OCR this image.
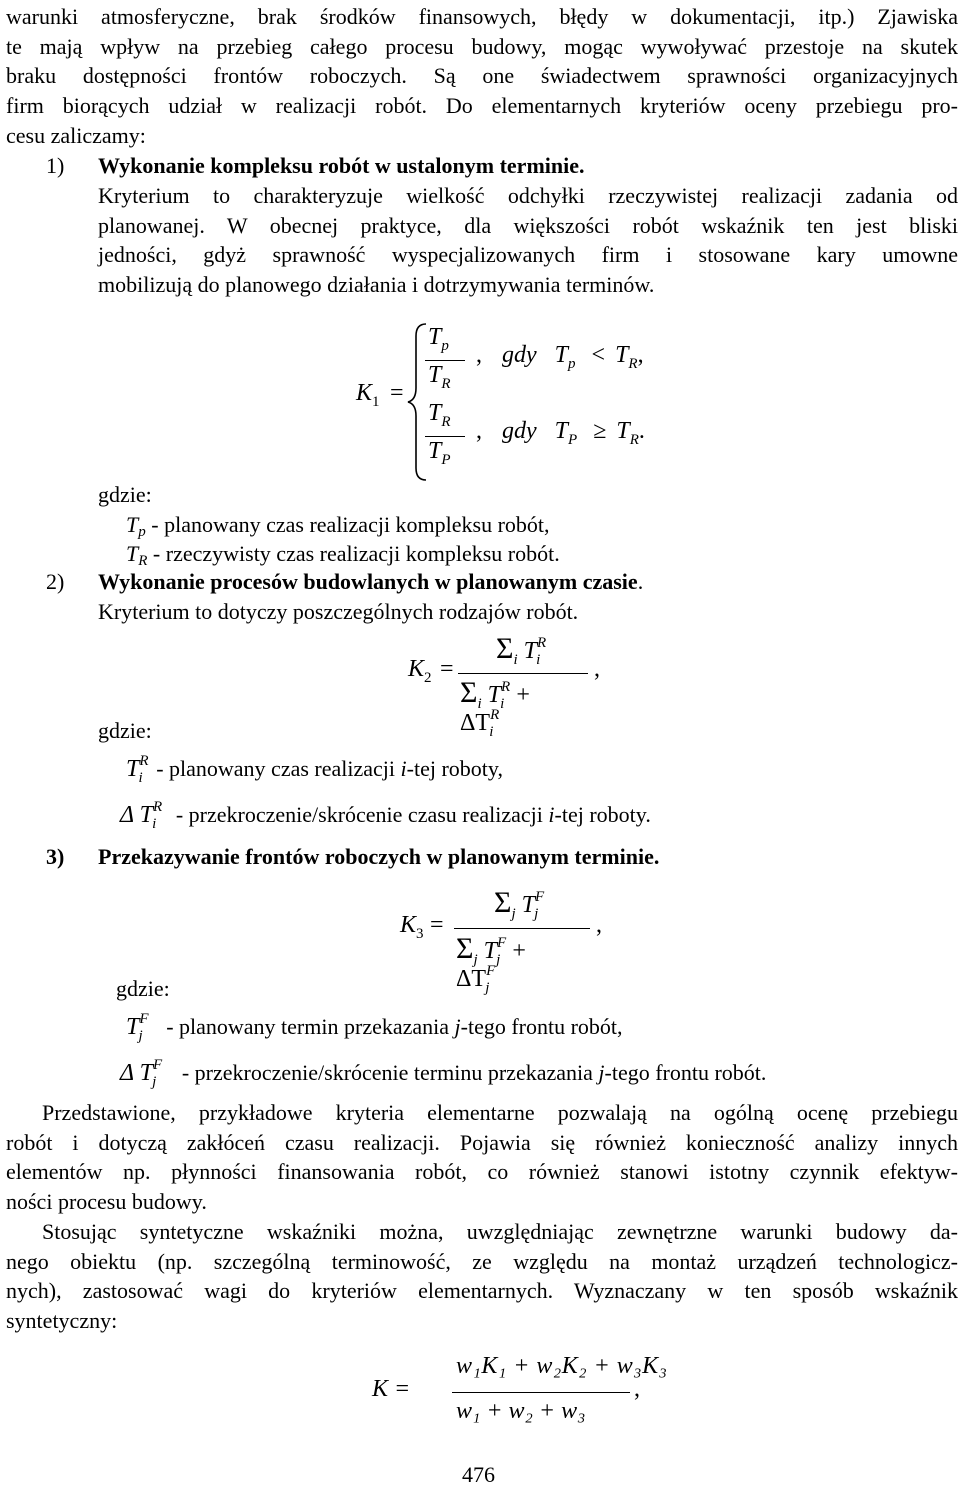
warunki atmosferyczne, brak środków finansowych, błędy w dokumentacji, itp.) Zjawiska
te mają wpływ na przebieg całego procesu budowy, mogąc wywoływać przestoje na skutek
braku dostępności frontów roboczych. Są one świadectwem sprawności organizacyjnych
firm biorących udział w realizacji robót. Do elementarnych kryteriów oceny przebiegu pro-
cesu zaliczamy:
1) Wykonanie kompleksu robót w ustalonym terminie.
Kryterium to charakteryzuje wielkość odchyłki rzeczywistej realizacji zadania od
planowanej. W obecnej praktyce, dla większości robót wskaźnik ten jest bliski
jedności, gdyż sprawność wyspecjalizowanych firm i stosowane kary umowne
mobilizują do planowego działania i dotrzymywania terminów.
$K_1$ =
$T_p$
$T_R$
, gdy $T_p < T_R$,
$T_R$
$T_P$
, gdy $T_P \ge T_R$.
gdzie:
Tp - planowany czas realizacji kompleksu robót,
TR - rzeczywisty czas realizacji kompleksu robót.
2) Wykonanie procesów budowlanych w planowanym czasie.
Kryterium to dotyczy poszczególnych rodzajów robót.
$K_2$ =
$\Sigma_i$ $T^R_i$
$\Sigma_i$ $T^R_i + \Delta T^R_i$
,
gdzie:
$T^R_i$ - planowany czas realizacji i-tej roboty,
Δ $T^R_i$ - przekroczenie/skrócenie czasu realizacji i-tej roboty.
3) Przekazywanie frontów roboczych w planowanym terminie.
$K_3$ =
$\Sigma_j$ $T^F_j$
$\Sigma_j$ $T^F_j + \Delta T^F_j$
,
gdzie:
$T^F_j$ - planowany termin przekazania j-tego frontu robót,
Δ $T^F_j$ - przekroczenie/skrócenie terminu przekazania j-tego frontu robót.
Przedstawione, przykładowe kryteria elementarne pozwalają na ogólną ocenę przebiegu
robót i dotyczą zakłóceń czasu realizacji. Pojawia się również konieczność analizy innych
elementów np. płynności finansowania robót, co również stanowi istotny czynnik efektyw-
ności procesu budowy.
Stosując syntetyczne wskaźniki można, uwzględniając zewnętrzne warunki budowy da-
nego obiektu (np. szczególną terminowość, ze względu na montaż urządzeń technologicz-
nych), zastosować wagi do kryteriów elementarnych. Wyznaczany w ten sposób wskaźnik
syntetyczny:
K =
w₁K₁ + w₂K₂ + w₃K₃
w₁ + w₂ + w₃
,
476
